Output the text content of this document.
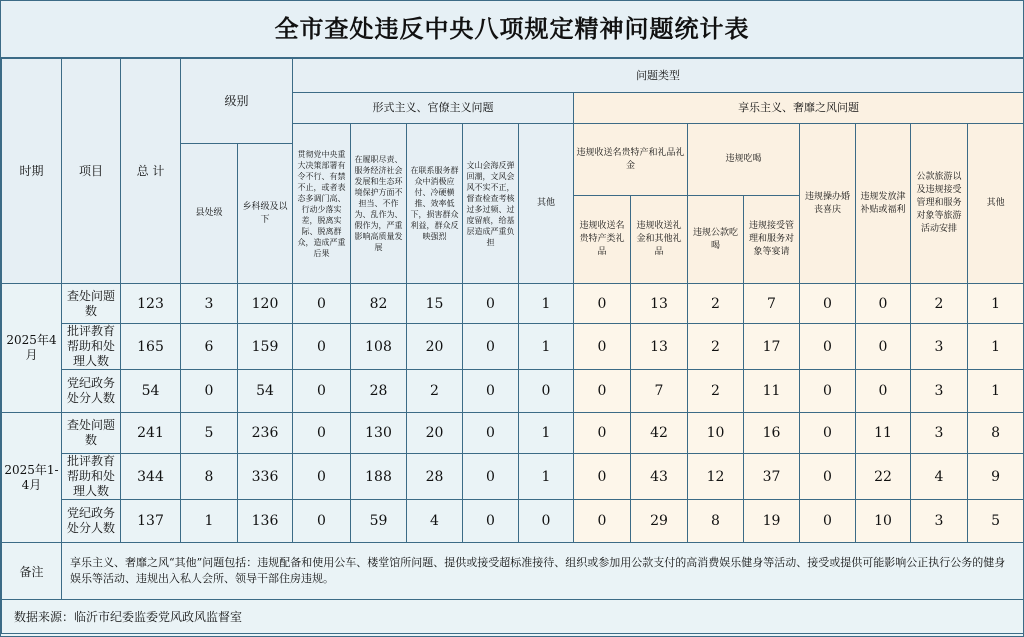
全市查处违反中央八项规定精神问题统计表
时期	项目	总 计	级别		问题类型												
					形式主义、官僚主义问题					享乐主义、奢靡之风问题							
					贯彻党中央重大决策部署有令不行、有禁不止，或者表态多调门高、行动少落实差，脱离实际、脱离群众，造成严重后果	在履职尽责、服务经济社会发展和生态环境保护方面不担当、不作为、乱作为、假作为，严重影响高质量发展	在联系服务群众中消极应付、冷硬横推、效率低下，损害群众利益，群众反映强烈	文山会海反弹回潮，文风会风不实不正，督查检查考核过多过频、过度留痕，给基层造成严重负担	其他	违规收送名贵特产和礼品礼金		违规吃喝		违规操办婚丧喜庆	违规发放津补贴或福利	公款旅游以及违规接受管理和服务对象等旅游活动安排	其他
			县处级	乡科级及以下													
										违规收送名贵特产类礼品	违规收送礼金和其他礼品	违规公款吃喝	违规接受管理和服务对象等宴请				

2025年4月	查处问题数	123	3	120	0	82	15	0	1	0	13	2	7	0	0	2	1
	批评教育帮助和处理人数	165	6	159	0	108	20	0	1	0	13	2	17	0	0	3	1
	党纪政务处分人数	54	0	54	0	28	2	0	0	0	7	2	11	0	0	3	1
2025年1-4月	查处问题数	241	5	236	0	130	20	0	1	0	42	10	16	0	11	3	8
	批评教育帮助和处理人数	344	8	336	0	188	28	0	1	0	43	12	37	0	22	4	9
	党纪政务处分人数	137	1	136	0	59	4	0	0	0	29	8	19	0	10	3	5
备注	享乐主义、奢靡之风“其他”问题包括：违规配备和使用公车、楼堂馆所问题、提供或接受超标准接待、组织或参加用公款支付的高消费娱乐健身等活动、接受或提供可能影响公正执行公务的健身娱乐等活动、违规出入私人会所、领导干部住房违规。																
数据来源：临沂市纪委监委党风政风监督室																	
